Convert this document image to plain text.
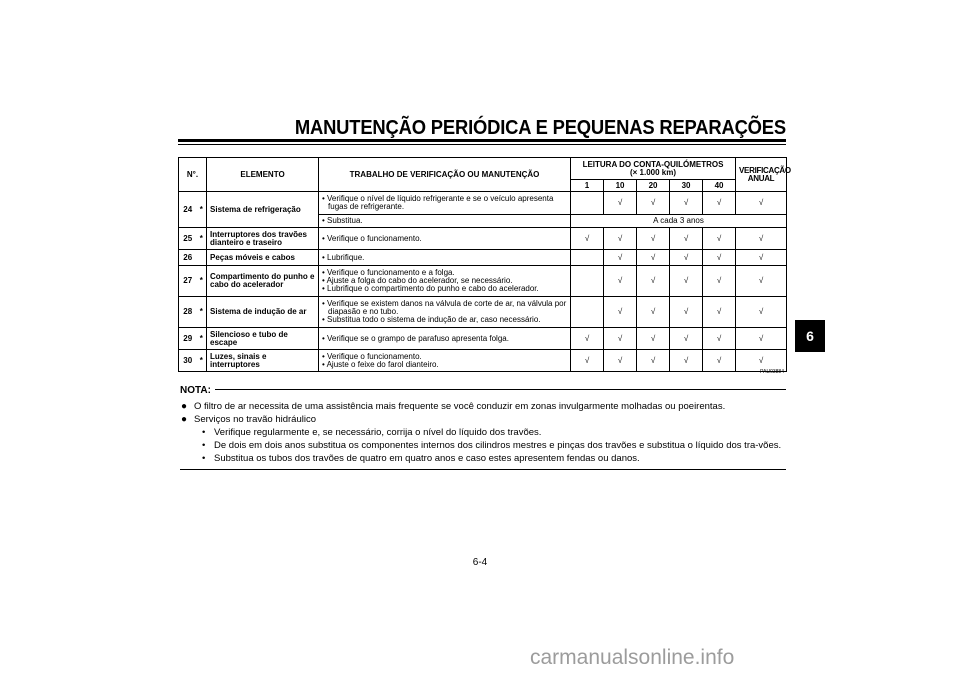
MANUTENÇÃO PERIÓDICA E PEQUENAS REPARAÇÕES
6
N°.		ELEMENTO	TRABALHO DE VERIFICAÇÃO OU MANUTENÇÃO	LEITURA DO CONTA-QUILÓMETROS
(× 1.000 km)					VERIFICAÇÃO ANUAL
				1	10	20	30	40	
24	*	Sistema de refrigeração	• Verifique o nível de líquido refrigerante e se o veículo apresenta fugas de refrigerante.		√	√	√	√	√

			• Substitua.	A cada 3 anos					
25	*	Interruptores dos travões dianteiro e traseiro	• Verifique o funcionamento.	√	√	√	√	√	√
26		Peças móveis e cabos	• Lubrifique.		√	√	√	√	√
27	*	Compartimento do punho e cabo do acelerador	• Verifique o funcionamento e a folga.
• Ajuste a folga do cabo do acelerador, se necessário.
• Lubrifique o compartimento do punho e cabo do acelerador.		√	√	√	√	√
28	*	Sistema de indução de ar	• Verifique se existem danos na válvula de corte de ar, na válvula por diapasão e no tubo.
• Substitua todo o sistema de indução de ar, caso necessário.		√	√	√	√	√
29	*	Silencioso e tubo de escape	• Verifique se o grampo de parafuso apresenta folga.	√	√	√	√	√	√
30	*	Luzes, sinais e interruptores	• Verifique o funcionamento.
• Ajuste o feixe do farol dianteiro.	√	√	√	√	√	√
PAU03884
NOTA:
● O filtro de ar necessita de uma assistência mais frequente se você conduzir em zonas invulgarmente molhadas ou poeirentas.
● Serviços no travão hidráulico
• Verifique regularmente e, se necessário, corrija o nível do líquido dos travões.
• De dois em dois anos substitua os componentes internos dos cilindros mestres e pinças dos travões e substitua o líquido dos tra-vões.
• Substitua os tubos dos travões de quatro em quatro anos e caso estes apresentem fendas ou danos.
6-4
carmanualsonline.info
